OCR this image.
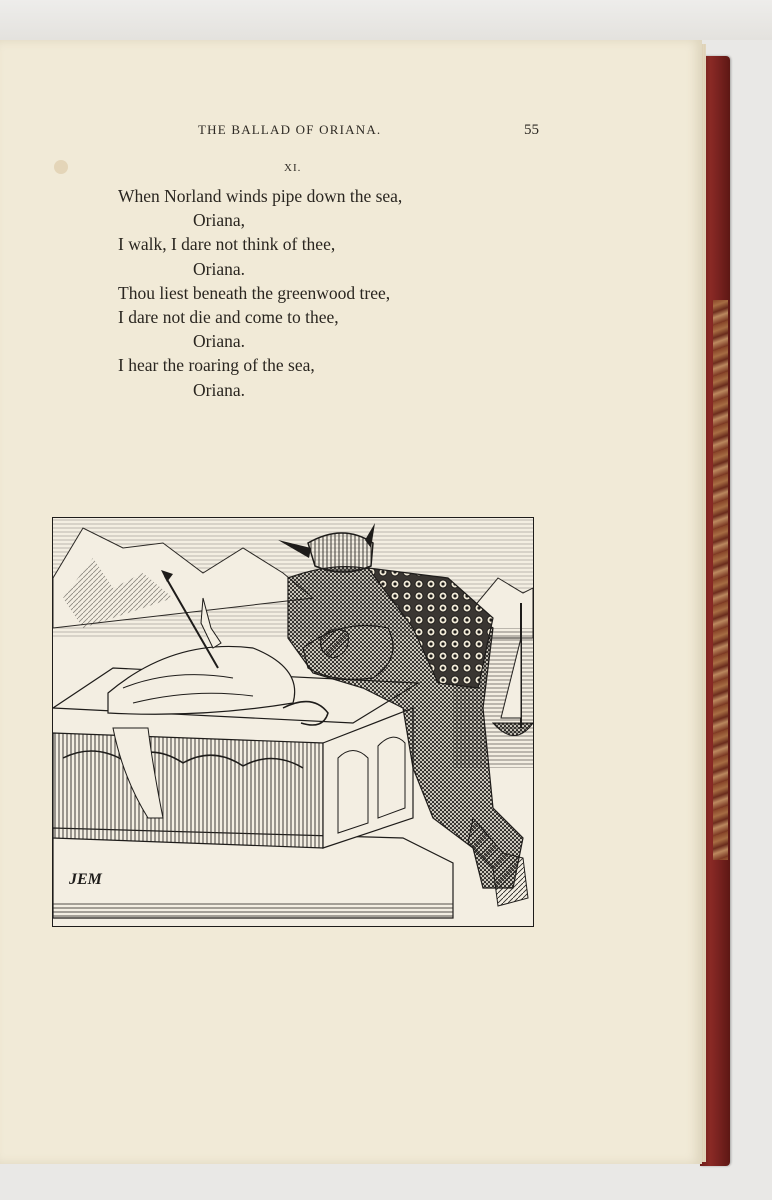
THE BALLAD OF ORIANA.	55
XI.
When Norland winds pipe down the sea,
Oriana,
I walk, I dare not think of thee,
Oriana.
Thou liest beneath the greenwood tree,
I dare not die and come to thee,
Oriana.
I hear the roaring of the sea,
Oriana.
JEM
